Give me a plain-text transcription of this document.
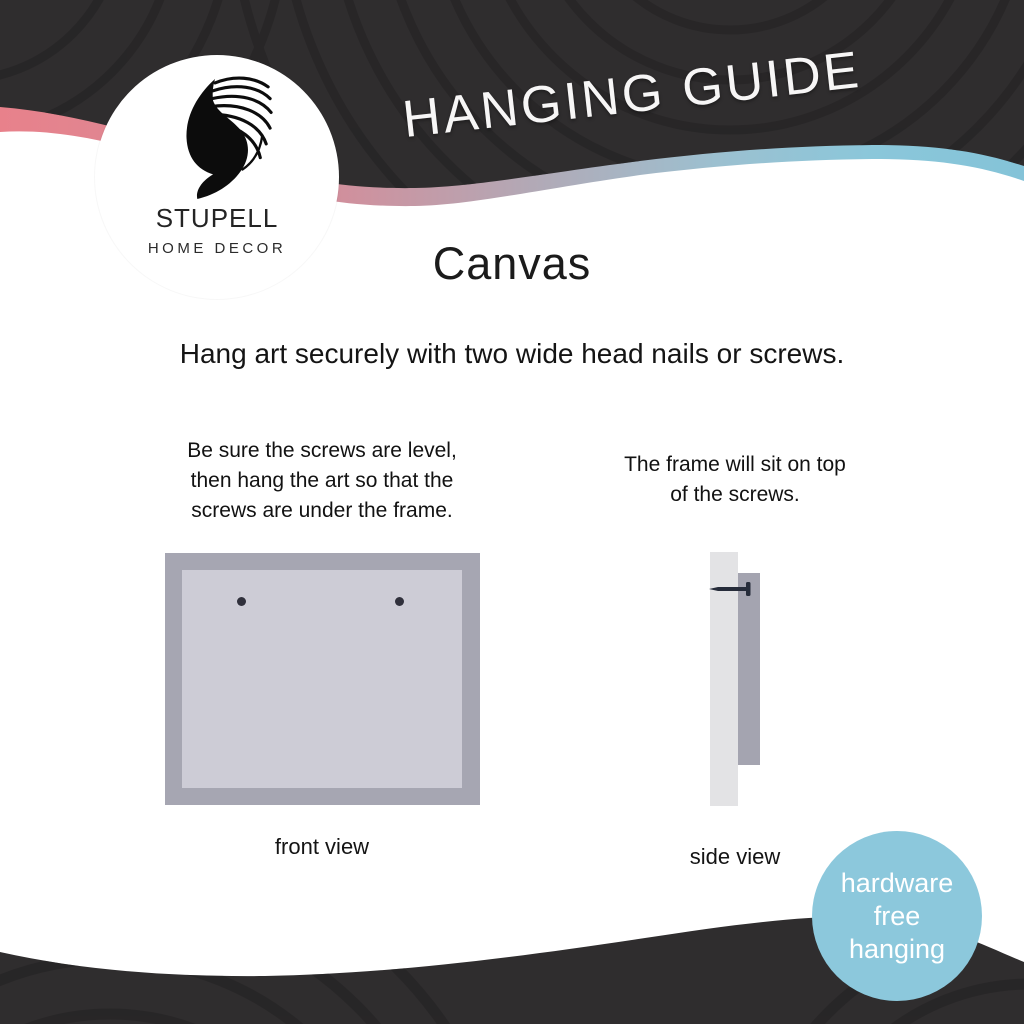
HANGING GUIDE
STUPELL
HOME DECOR	Canvas
Hang art securely with two wide head nails or screws.
Be sure the screws are level,
then hang the art so that the
screws are under the frame.
The frame will sit on top
of the screws.
front view	side view
hardware
free
hanging
